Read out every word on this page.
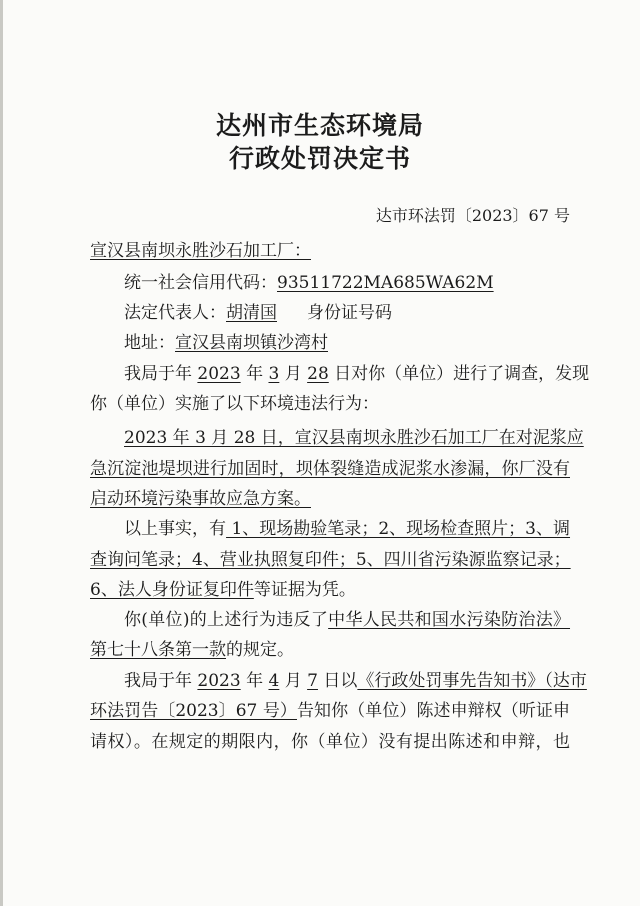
达州市生态环境局
行政处罚决定书
达市环法罚〔2023〕67 号
宣汉县南坝永胜沙石加工厂：
统一社会信用代码：93511722MA685WA62M
法定代表人：胡清国 身份证号码
地址：宣汉县南坝镇沙湾村
我局于年 2023 年 3 月 28 日对你（单位）进行了调查，发现
你（单位）实施了以下环境违法行为：
2023 年 3 月 28 日，宣汉县南坝永胜沙石加工厂在对泥浆应
急沉淀池堤坝进行加固时，坝体裂缝造成泥浆水渗漏，你厂没有
启动环境污染事故应急方案。
以上事实，有 1、现场勘验笔录；2、现场检查照片；3、调
查询问笔录；4、营业执照复印件；5、四川省污染源监察记录；
6、法人身份证复印件等证据为凭。
你(单位)的上述行为违反了中华人民共和国水污染防治法》
第七十八条第一款的规定。
我局于年 2023 年 4 月 7 日以《行政处罚事先告知书》（达市
环法罚告〔2023〕67 号）告知你（单位）陈述申辩权（听证申
请权）。在规定的期限内，你（单位）没有提出陈述和申辩，也
